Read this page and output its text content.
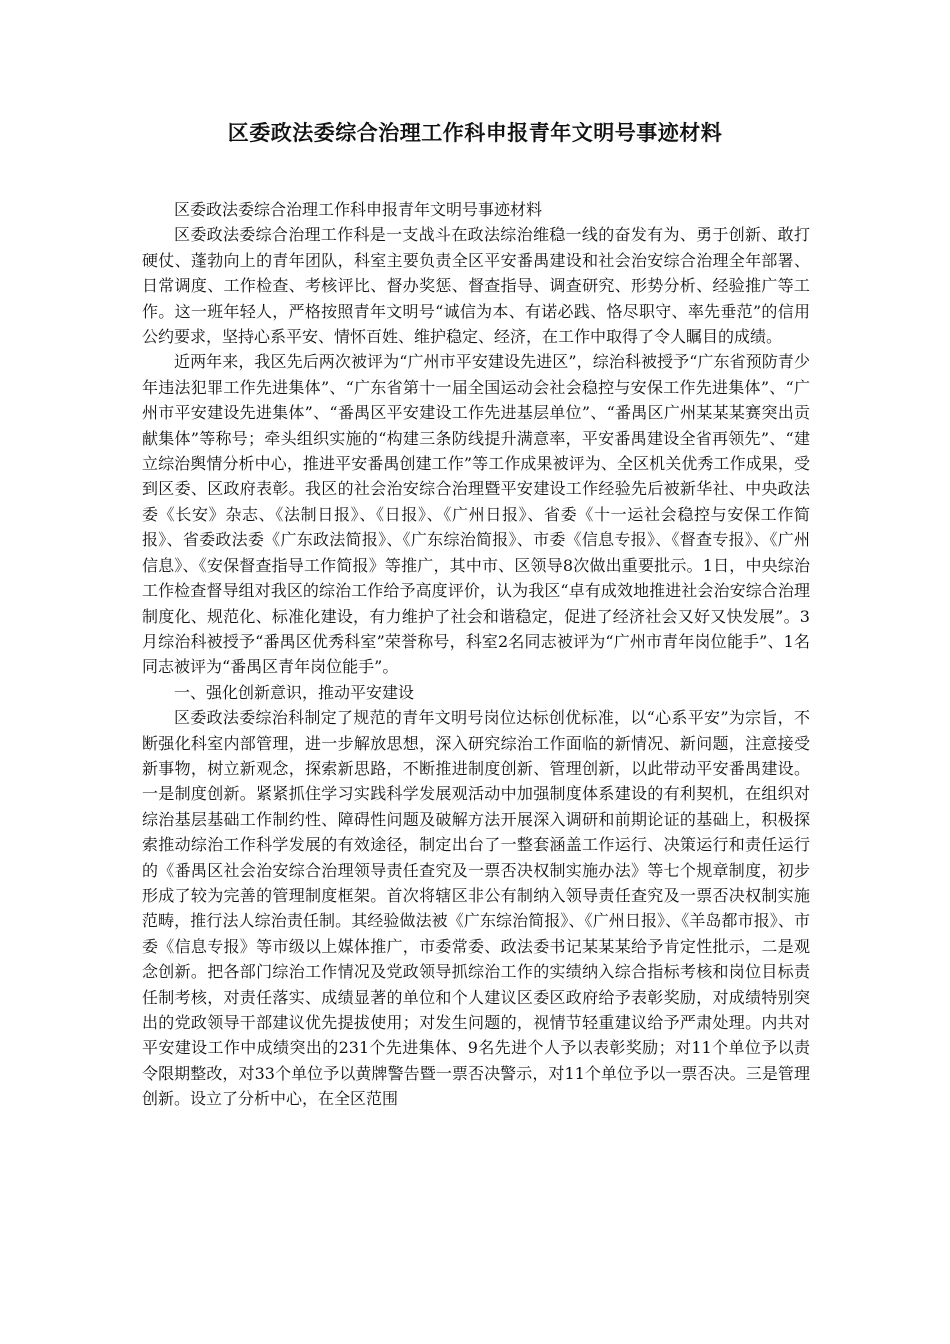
区委政法委综合治理工作科申报青年文明号事迹材料

区委政法委综合治理工作科申报青年文明号事迹材料

区委政法委综合治理工作科是一支战斗在政法综治维稳一线的奋发有为、勇于创新、敢打硬仗、蓬勃向上的青年团队，科室主要负责全区平安番禺建设和社会治安综合治理全年部署、日常调度、工作检查、考核评比、督办奖惩、督查指导、调查研究、形势分析、经验推广等工作。这一班年轻人，严格按照青年文明号“诚信为本、有诺必践、恪尽职守、率先垂范”的信用公约要求，坚持心系平安、情怀百姓、维护稳定、经济，在工作中取得了令人瞩目的成绩。

近两年来，我区先后两次被评为“广州市平安建设先进区”，综治科被授予“广东省预防青少年违法犯罪工作先进集体”、“广东省第十一届全国运动会社会稳控与安保工作先进集体”、“广州市平安建设先进集体”、“番禺区平安建设工作先进基层单位”、“番禺区广州某某某赛突出贡献集体”等称号；牵头组织实施的“构建三条防线提升满意率，平安番禺建设全省再领先”、“建立综治舆情分析中心，推进平安番禺创建工作”等工作成果被评为、全区机关优秀工作成果，受到区委、区政府表彰。我区的社会治安综合治理暨平安建设工作经验先后被新华社、中央政法委《长安》杂志、《法制日报》、《日报》、《广州日报》、省委《十一运社会稳控与安保工作简报》、省委政法委《广东政法简报》、《广东综治简报》、市委《信息专报》、《督查专报》、《广州信息》、《安保督查指导工作简报》等推广，其中市、区领导8次做出重要批示。1日，中央综治工作检查督导组对我区的综治工作给予高度评价，认为我区“卓有成效地推进社会治安综合治理制度化、规范化、标准化建设，有力维护了社会和谐稳定，促进了经济社会又好又快发展”。3月综治科被授予“番禺区优秀科室”荣誉称号，科室2名同志被评为“广州市青年岗位能手”、1名同志被评为“番禺区青年岗位能手”。

一、强化创新意识，推动平安建设

区委政法委综治科制定了规范的青年文明号岗位达标创优标准，以“心系平安”为宗旨，不断强化科室内部管理，进一步解放思想，深入研究综治工作面临的新情况、新问题，注意接受新事物，树立新观念，探索新思路，不断推进制度创新、管理创新，以此带动平安番禺建设。一是制度创新。紧紧抓住学习实践科学发展观活动中加强制度体系建设的有利契机，在组织对综治基层基础工作制约性、障碍性问题及破解方法开展深入调研和前期论证的基础上，积极探索推动综治工作科学发展的有效途径，制定出台了一整套涵盖工作运行、决策运行和责任运行的《番禺区社会治安综合治理领导责任查究及一票否决权制实施办法》等七个规章制度，初步形成了较为完善的管理制度框架。首次将辖区非公有制纳入领导责任查究及一票否决权制实施范畴，推行法人综治责任制。其经验做法被《广东综治简报》、《广州日报》、《羊岛都市报》、市委《信息专报》等市级以上媒体推广，市委常委、政法委书记某某某给予肯定性批示，二是观念创新。把各部门综治工作情况及党政领导抓综治工作的实绩纳入综合指标考核和岗位目标责任制考核，对责任落实、成绩显著的单位和个人建议区委区政府给予表彰奖励，对成绩特别突出的党政领导干部建议优先提拔使用；对发生问题的，视情节轻重建议给予严肃处理。内共对平安建设工作中成绩突出的231个先进集体、9名先进个人予以表彰奖励；对11个单位予以责令限期整改，对33个单位予以黄牌警告暨一票否决警示，对11个单位予以一票否决。三是管理创新。设立了分析中心，在全区范围
